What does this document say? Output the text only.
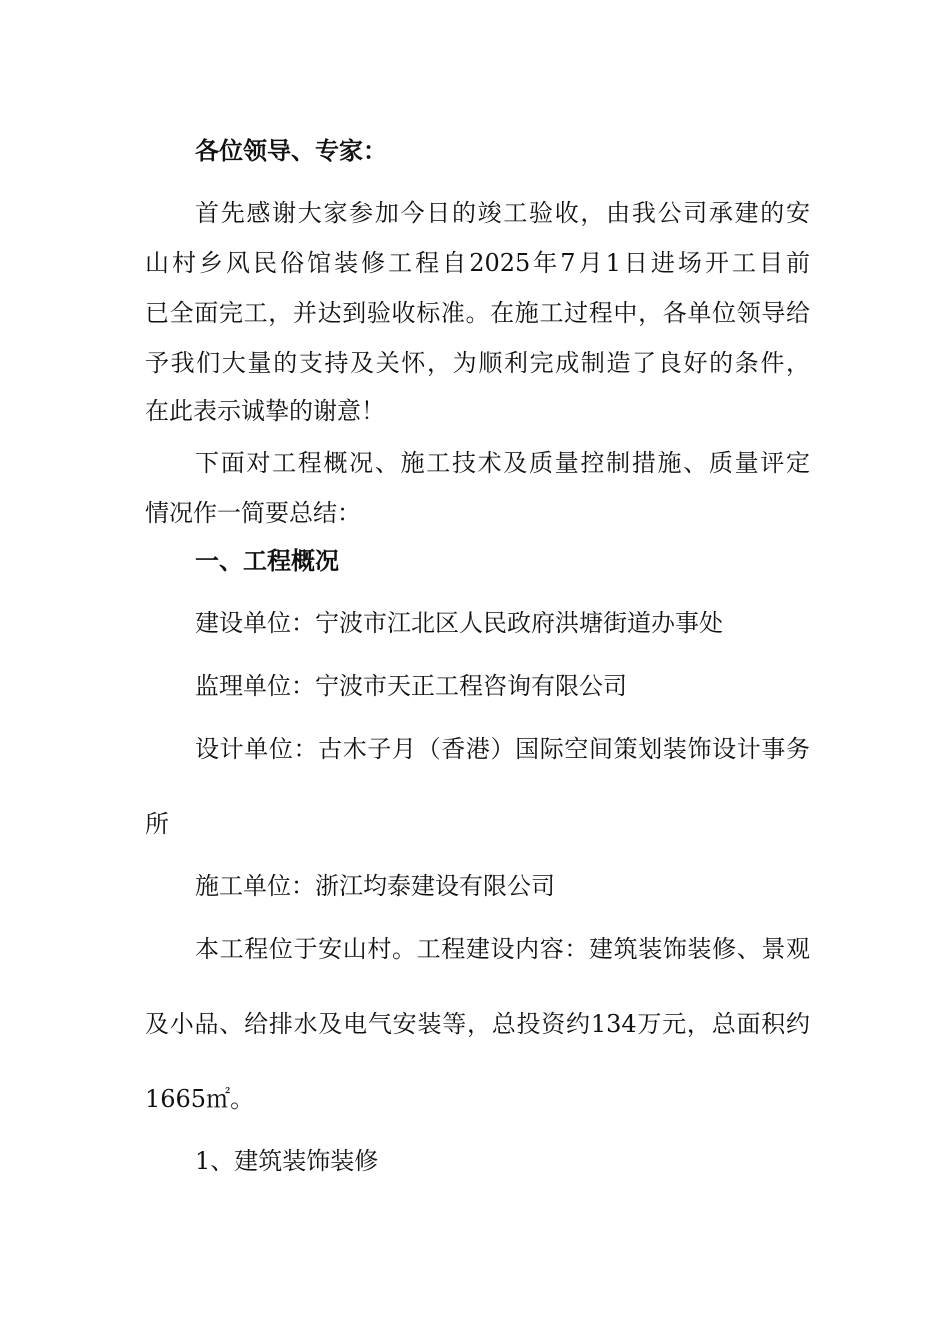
各位领导、专家：
首先感谢大家参加今日的竣工验收，由我公司承建的安
山村乡风民俗馆装修工程自2025年7月1日进场开工目前
已全面完工，并达到验收标准。在施工过程中，各单位领导给
予我们大量的支持及关怀，为顺利完成制造了良好的条件，
在此表示诚挚的谢意！
下面对工程概况、施工技术及质量控制措施、质量评定
情况作一简要总结：
一、工程概况
建设单位：宁波市江北区人民政府洪塘街道办事处
监理单位：宁波市天正工程咨询有限公司
设计单位：古木子月（香港）国际空间策划装饰设计事务
所
施工单位：浙江均泰建设有限公司
本工程位于安山村。工程建设内容：建筑装饰装修、景观
及小品、给排水及电气安装等，总投资约134万元，总面积约
1665㎡。
1、建筑装饰装修
